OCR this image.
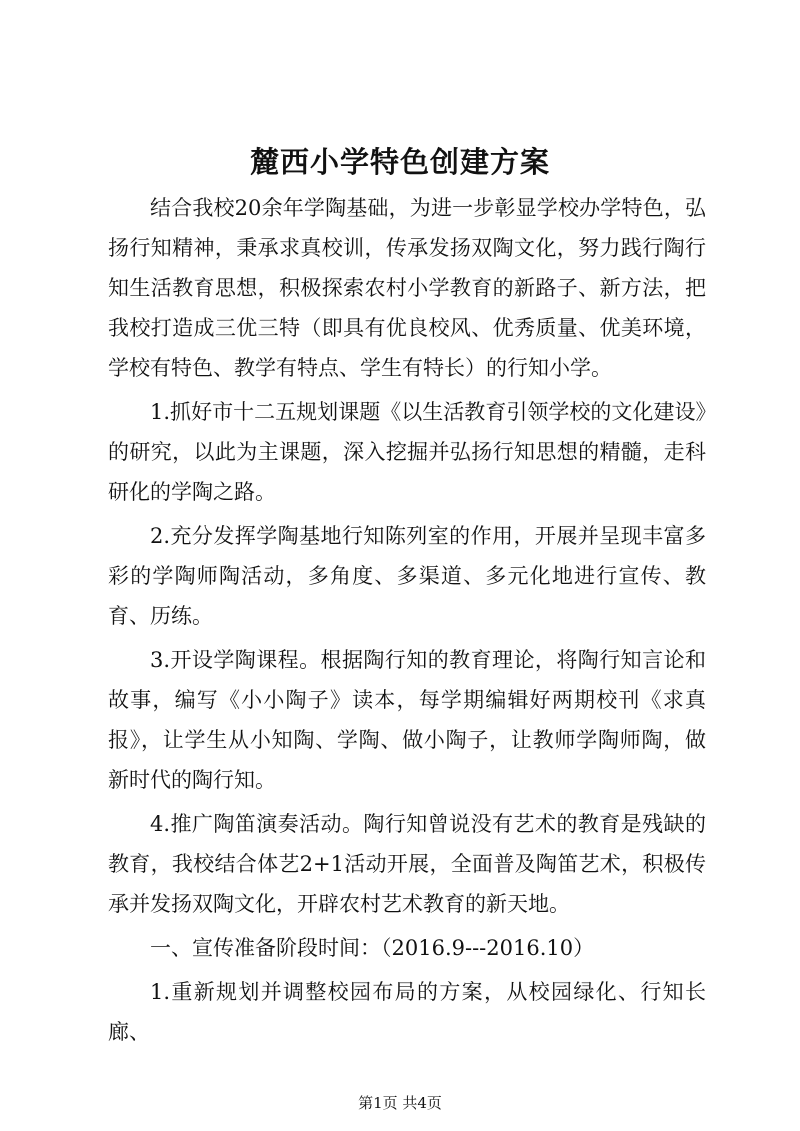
麓西小学特色创建方案

结合我校20余年学陶基础，为进一步彰显学校办学特色，弘扬行知精神，秉承求真校训，传承发扬双陶文化，努力践行陶行知生活教育思想，积极探索农村小学教育的新路子、新方法，把我校打造成三优三特（即具有优良校风、优秀质量、优美环境，学校有特色、教学有特点、学生有特长）的行知小学。

1.抓好市十二五规划课题《以生活教育引领学校的文化建设》的研究，以此为主课题，深入挖掘并弘扬行知思想的精髓，走科研化的学陶之路。

2.充分发挥学陶基地行知陈列室的作用，开展并呈现丰富多彩的学陶师陶活动，多角度、多渠道、多元化地进行宣传、教育、历练。

3.开设学陶课程。根据陶行知的教育理论，将陶行知言论和故事，编写《小小陶子》读本，每学期编辑好两期校刊《求真报》，让学生从小知陶、学陶、做小陶子，让教师学陶师陶，做新时代的陶行知。

4.推广陶笛演奏活动。陶行知曾说没有艺术的教育是残缺的教育，我校结合体艺2+1活动开展，全面普及陶笛艺术，积极传承并发扬双陶文化，开辟农村艺术教育的新天地。

一、宣传准备阶段时间：（2016.9---2016.10）

1.重新规划并调整校园布局的方案，从校园绿化、行知长廊、

第1页 共4页
